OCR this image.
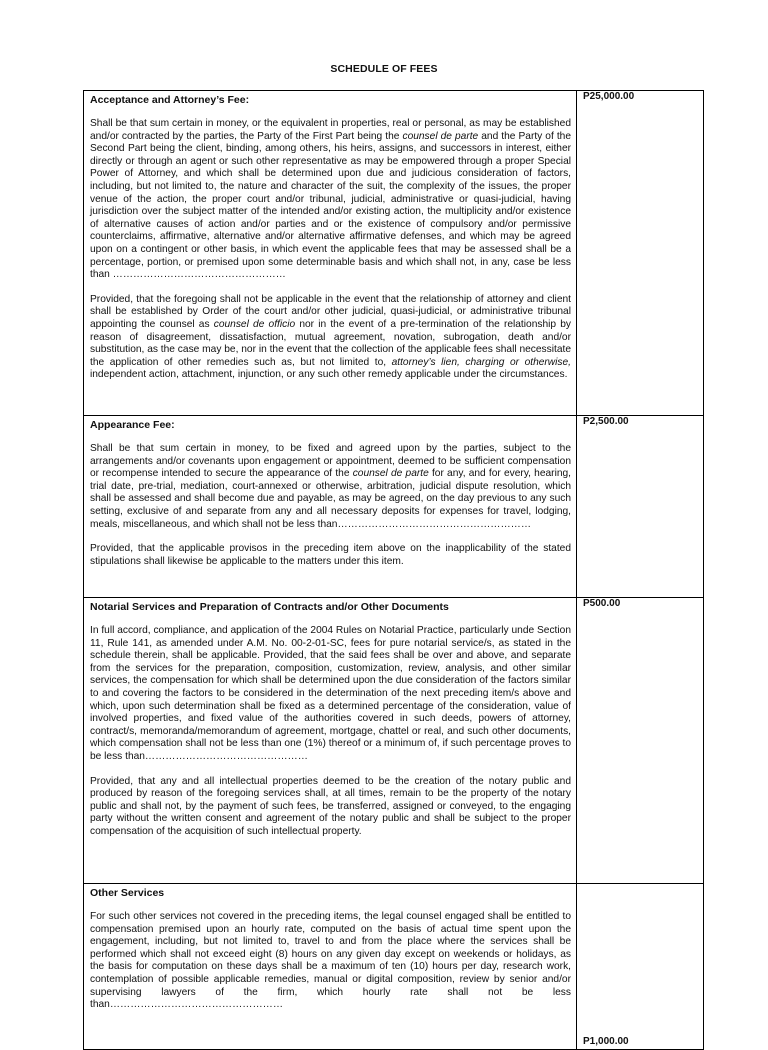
SCHEDULE OF FEES
Acceptance and Attorney’s Fee:

Shall be that sum certain in money, or the equivalent in properties, real or personal, as may be established and/or contracted by the parties, the Party of the First Part being the counsel de parte and the Party of the Second Part being the client, binding, among others, his heirs, assigns, and successors in interest, either directly or through an agent or such other representative as may be empowered through a proper Special Power of Attorney, and which shall be determined upon due and judicious consideration of factors, including, but not limited to, the nature and character of the suit, the complexity of the issues, the proper venue of the action, the proper court and/or tribunal, judicial, administrative or quasi-judicial, having jurisdiction over the subject matter of the intended and/or existing action, the multiplicity and/or existence of alternative causes of action and/or parties and or the existence of compulsory and/or permissive counterclaims, affirmative, alternative and/or alternative affirmative defenses, and which may be agreed upon on a contingent or other basis, in which event the applicable fees that may be assessed shall be a percentage, portion, or premised upon some determinable basis and which shall not, in any, case be less than ……………………………………………

Provided, that the foregoing shall not be applicable in the event that the relationship of attorney and client shall be established by Order of the court and/or other judicial, quasi-judicial, or administrative tribunal appointing the counsel as counsel de officio nor in the event of a pre-termination of the relationship by reason of disagreement, dissatisfaction, mutual agreement, novation, subrogation, death and/or substitution, as the case may be, nor in the event that the collection of the applicable fees shall necessitate the application of other remedies such as, but not limited to, attorney’s lien, charging or otherwise, independent action, attachment, injunction, or any such other remedy applicable under the circumstances.	P25,000.00

Appearance Fee:

Shall be that sum certain in money, to be fixed and agreed upon by the parties, subject to the arrangements and/or covenants upon engagement or appointment, deemed to be sufficient compensation or recompense intended to secure the appearance of the counsel de parte for any, and for every, hearing, trial date, pre-trial, mediation, court-annexed or otherwise, arbitration, judicial dispute resolution, which shall be assessed and shall become due and payable, as may be agreed, on the day previous to any such setting, exclusive of and separate from any and all necessary deposits for expenses for travel, lodging, meals, miscellaneous, and which shall not be less than…………………………………………………

Provided, that the applicable provisos in the preceding item above on the inapplicability of the stated stipulations shall likewise be applicable to the matters under this item.	P2,500.00

Notarial Services and Preparation of Contracts and/or Other Documents

In full accord, compliance, and application of the 2004 Rules on Notarial Practice, particularly unde Section 11, Rule 141, as amended under A.M. No. 00-2-01-SC, fees for pure notarial service/s, as stated in the schedule therein, shall be applicable. Provided, that the said fees shall be over and above, and separate from the services for the preparation, composition, customization, review, analysis, and other similar services, the compensation for which shall be determined upon the due consideration of the factors similar to and covering the factors to be considered in the determination of the next preceding item/s above and which, upon such determination shall be fixed as a determined percentage of the consideration, value of involved properties, and fixed value of the authorities covered in such deeds, powers of attorney, contract/s, memoranda/memorandum of agreement, mortgage, chattel or real, and such other documents, which compensation shall not be less than one (1%) thereof or a minimum of, if such percentage proves to be less than…………………………………………

Provided, that any and all intellectual properties deemed to be the creation of the notary public and produced by reason of the foregoing services shall, at all times, remain to be the property of the notary public and shall not, by the payment of such fees, be transferred, assigned or conveyed, to the engaging party without the written consent and agreement of the notary public and shall be subject to the proper compensation of the acquisition of such intellectual property.	P500.00

Other Services

For such other services not covered in the preceding items, the legal counsel engaged shall be entitled to compensation premised upon an hourly rate, computed on the basis of actual time spent upon the engagement, including, but not limited to, travel to and from the place where the services shall be performed which shall not exceed eight (8) hours on any given day except on weekends or holidays, as the basis for computation on these days shall be a maximum of ten (10) hours per day, research work, contemplation of possible applicable remedies, manual or digital composition, review by senior and/or supervising lawyers of the firm, which hourly rate shall not be less than……………………………………………	P1,000.00
